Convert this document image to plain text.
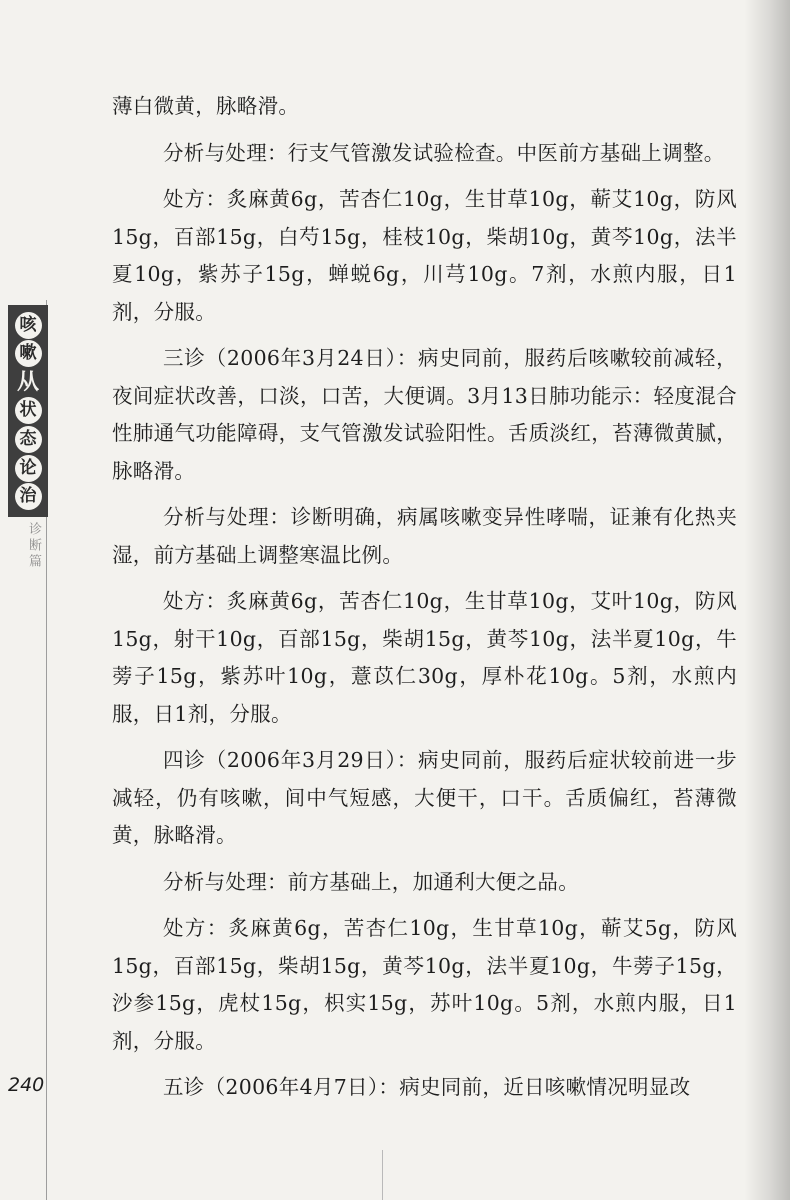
咳
嗽
从
状
态
论
治
诊断篇

薄白微黄，脉略滑。

分析与处理：行支气管激发试验检查。中医前方基础上调整。

处方：炙麻黄6g，苦杏仁10g，生甘草10g，蕲艾10g，防风15g，百部15g，白芍15g，桂枝10g，柴胡10g，黄芩10g，法半夏10g，紫苏子15g，蝉蜕6g，川芎10g。7剂，水煎内服，日1剂，分服。

三诊（2006年3月24日）：病史同前，服药后咳嗽较前减轻，夜间症状改善，口淡，口苦，大便调。3月13日肺功能示：轻度混合性肺通气功能障碍，支气管激发试验阳性。舌质淡红，苔薄微黄腻，脉略滑。

分析与处理：诊断明确，病属咳嗽变异性哮喘，证兼有化热夹湿，前方基础上调整寒温比例。

处方：炙麻黄6g，苦杏仁10g，生甘草10g，艾叶10g，防风15g，射干10g，百部15g，柴胡15g，黄芩10g，法半夏10g，牛蒡子15g，紫苏叶10g，薏苡仁30g，厚朴花10g。5剂，水煎内服，日1剂，分服。

四诊（2006年3月29日）：病史同前，服药后症状较前进一步减轻，仍有咳嗽，间中气短感，大便干，口干。舌质偏红，苔薄微黄，脉略滑。

分析与处理：前方基础上，加通利大便之品。

处方：炙麻黄6g，苦杏仁10g，生甘草10g，蕲艾5g，防风15g，百部15g，柴胡15g，黄芩10g，法半夏10g，牛蒡子15g，沙参15g，虎杖15g，枳实15g，苏叶10g。5剂，水煎内服，日1剂，分服。

五诊（2006年4月7日）：病史同前，近日咳嗽情况明显改

240
